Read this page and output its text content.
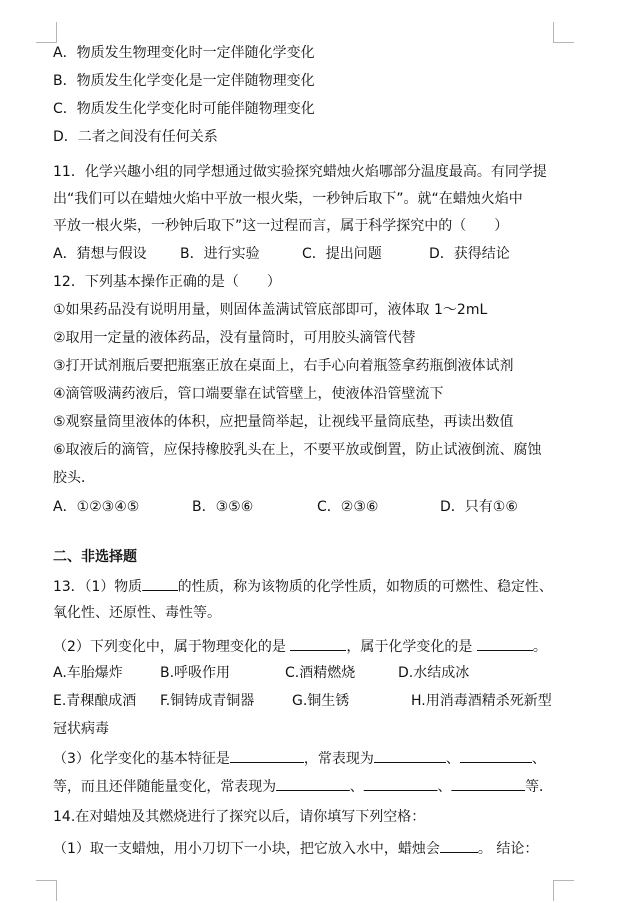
A．物质发生物理变化时一定伴随化学变化
B．物质发生化学变化是一定伴随物理变化
C．物质发生化学变化时可能伴随物理变化
D．二者之间没有任何关系
11．化学兴趣小组的同学想通过做实验探究蜡烛火焰哪部分温度最高。有同学提
出“我们可以在蜡烛火焰中平放一根火柴，一秒钟后取下”。就“在蜡烛火焰中
平放一根火柴，一秒钟后取下”这一过程而言，属于科学探究中的（　　）
A．猜想与假设 B．进行实验	C．提出问题	D．获得结论
12．下列基本操作正确的是（　　）
①如果药品没有说明用量，则固体盖满试管底部即可，液体取 1～2mL
②取用一定量的液体药品，没有量筒时，可用胶头滴管代替
③打开试剂瓶后要把瓶塞正放在桌面上，右手心向着瓶签拿药瓶倒液体试剂
④滴管吸满药液后，管口端要靠在试管壁上，使液体沿管壁流下
⑤观察量筒里液体的体积，应把量筒举起，让视线平量筒底垫，再读出数值
⑥取液后的滴管，应保持橡胶乳头在上，不要平放或倒置，防止试液倒流、腐蚀
胶头．
A．①②③④⑤	B．③⑤⑥	C．②③⑥	D．只有①⑥
二、非选择题
13．（1）物质	的性质，称为该物质的化学性质，如物质的可燃性、稳定性、
氧化性、还原性、毒性等。
（2）下列变化中，属于物理变化的是	，属于化学变化的是	。
A.车胎爆炸	B.呼吸作用	C.酒精燃烧	D.水结成冰
E.青稞酿成酒 F.铜铸成青铜器	G.铜生锈	H.用消毒酒精杀死新型
冠状病毒
（3）化学变化的基本特征是	，常表现为	、	、
等，而且还伴随能量变化，常表现为	、	、	等．
14.在对蜡烛及其燃烧进行了探究以后，请你填写下列空格：
（1）取一支蜡烛，用小刀切下一小块，把它放入水中，蜡烛会	。 结论：
